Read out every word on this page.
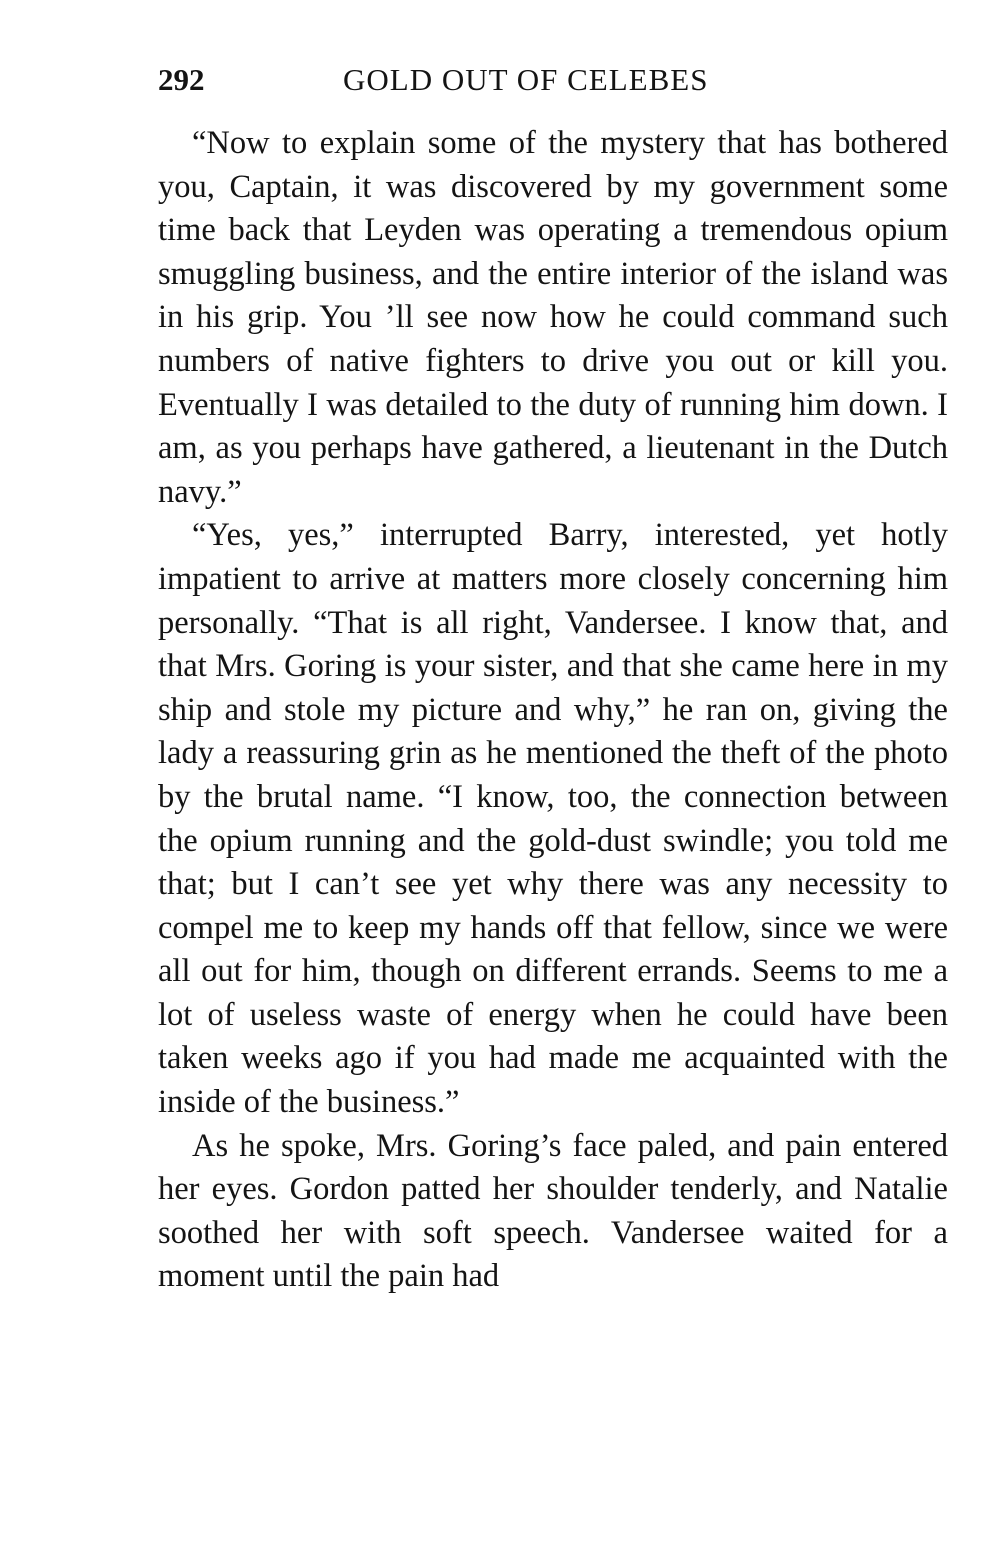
292	GOLD OUT OF CELEBES

“Now to explain some of the mystery that has bothered you, Captain, it was discovered by my government some time back that Leyden was operating a tremendous opium smuggling business, and the entire interior of the island was in his grip. You ’ll see now how he could command such numbers of native fighters to drive you out or kill you. Eventually I was detailed to the duty of running him down. I am, as you perhaps have gathered, a lieutenant in the Dutch navy.”

“Yes, yes,” interrupted Barry, interested, yet hotly impatient to arrive at matters more closely concerning him personally. “That is all right, Vandersee. I know that, and that Mrs. Goring is your sister, and that she came here in my ship and stole my picture and why,” he ran on, giving the lady a reassuring grin as he mentioned the theft of the photo by the brutal name. “I know, too, the connection between the opium running and the gold-dust swindle; you told me that; but I can’t see yet why there was any necessity to compel me to keep my hands off that fellow, since we were all out for him, though on different errands. Seems to me a lot of useless waste of energy when he could have been taken weeks ago if you had made me acquainted with the inside of the business.”

As he spoke, Mrs. Goring’s face paled, and pain entered her eyes. Gordon patted her shoulder tenderly, and Natalie soothed her with soft speech. Vandersee waited for a moment until the pain had
